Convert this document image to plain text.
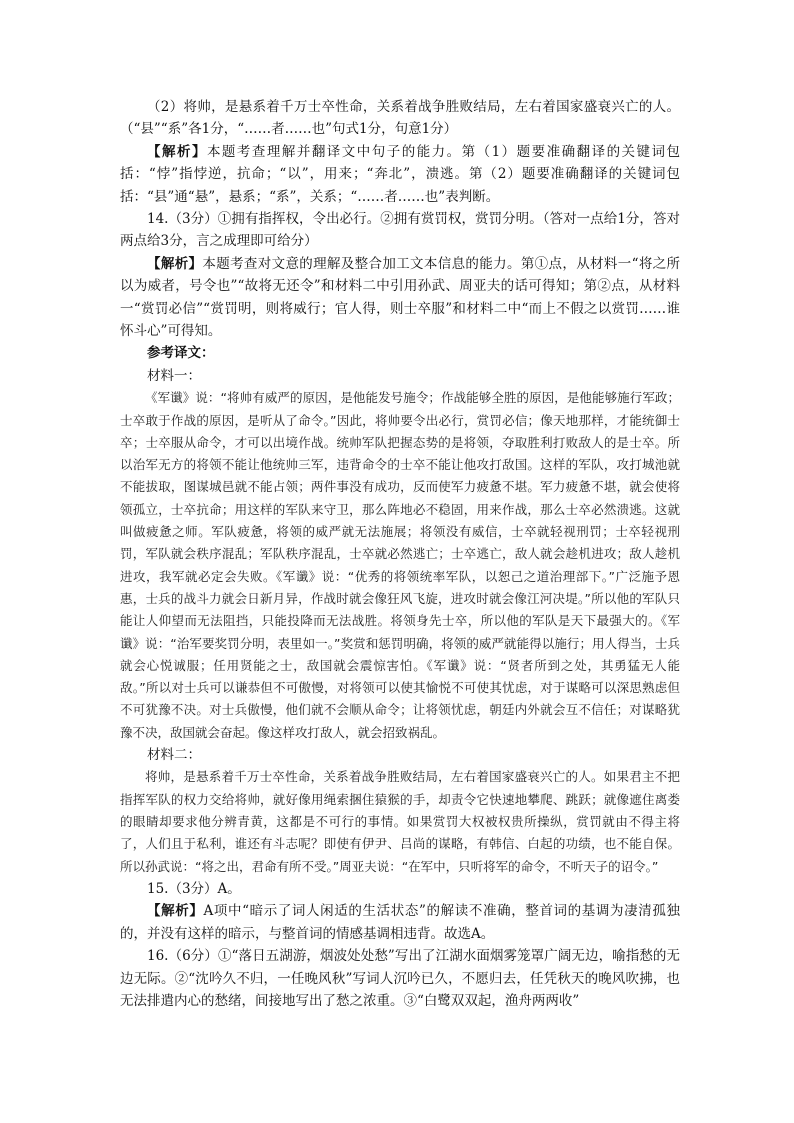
（2）将帅，是悬系着千万士卒性命，关系着战争胜败结局，左右着国家盛衰兴亡的人。（“县”“系”各1分，“……者……也”句式1分，句意1分）

【解析】本题考查理解并翻译文中句子的能力。第（1）题要准确翻译的关键词包括：“悖”指悖逆，抗命；“以”，用来；“奔北”，溃逃。第（2）题要准确翻译的关键词包括：“县”通“悬”，悬系；“系”，关系；“……者……也”表判断。

14.（3分）①拥有指挥权，令出必行。②拥有赏罚权，赏罚分明。（答对一点给1分，答对两点给3分，言之成理即可给分）

【解析】本题考查对文意的理解及整合加工文本信息的能力。第①点，从材料一“将之所以为威者，号令也”“故将无还令”和材料二中引用孙武、周亚夫的话可得知；第②点，从材料一“赏罚必信”“赏罚明，则将威行；官人得，则士卒服”和材料二中“而上不假之以赏罚……谁怀斗心”可得知。

参考译文：

材料一：

《军谶》说：“将帅有威严的原因，是他能发号施令；作战能够全胜的原因，是他能够施行军政；士卒敢于作战的原因，是听从了命令。”因此，将帅要令出必行，赏罚必信；像天地那样，才能统御士卒；士卒服从命令，才可以出境作战。统帅军队把握态势的是将领，夺取胜利打败敌人的是士卒。所以治军无方的将领不能让他统帅三军，违背命令的士卒不能让他攻打敌国。这样的军队，攻打城池就不能拔取，图谋城邑就不能占领；两件事没有成功，反而使军力疲惫不堪。军力疲惫不堪，就会使将领孤立，士卒抗命；用这样的军队来守卫，那么阵地必不稳固，用来作战，那么士卒必然溃逃。这就叫做疲惫之师。军队疲惫，将领的威严就无法施展；将领没有威信，士卒就轻视刑罚；士卒轻视刑罚，军队就会秩序混乱；军队秩序混乱，士卒就必然逃亡；士卒逃亡，敌人就会趁机进攻；敌人趁机进攻，我军就必定会失败。《军谶》说：“优秀的将领统率军队，以恕己之道治理部下。”广泛施予恩惠，士兵的战斗力就会日新月异，作战时就会像狂风飞旋，进攻时就会像江河决堤。”所以他的军队只能让人仰望而无法阻挡，只能投降而无法战胜。将领身先士卒，所以他的军队是天下最强大的。《军谶》说：“治军要奖罚分明，表里如一。”奖赏和惩罚明确，将领的威严就能得以施行；用人得当，士兵就会心悦诚服；任用贤能之士，敌国就会震惊害怕。《军谶》说：“贤者所到之处，其勇猛无人能敌。”所以对士兵可以谦恭但不可傲慢，对将领可以使其愉悦不可使其忧虑，对于谋略可以深思熟虑但不可犹豫不决。对士兵傲慢，他们就不会顺从命令；让将领忧虑，朝廷内外就会互不信任；对谋略犹豫不决，敌国就会奋起。像这样攻打敌人，就会招致祸乱。

材料二：

将帅，是悬系着千万士卒性命，关系着战争胜败结局，左右着国家盛衰兴亡的人。如果君主不把指挥军队的权力交给将帅，就好像用绳索捆住猿猴的手，却责令它快速地攀爬、跳跃；就像遮住离娄的眼睛却要求他分辨青黄，这都是不可行的事情。如果赏罚大权被权贵所操纵，赏罚就由不得主将了，人们且于私利，谁还有斗志呢？即使有伊尹、吕尚的谋略，有韩信、白起的功绩，也不能自保。所以孙武说：“将之出，君命有所不受。”周亚夫说：“在军中，只听将军的命令，不听天子的诏令。”

15.（3分）A。

【解析】A项中“暗示了词人闲适的生活状态”的解读不准确，整首词的基调为凄清孤独的，并没有这样的暗示，与整首词的情感基调相违背。故选A。

16.（6分）①“落日五湖游，烟波处处愁”写出了江湖水面烟雾笼罩广阔无边，喻指愁的无边无际。②“沈吟久不归，一任晚风秋”写词人沉吟已久，不愿归去，任凭秋天的晚风吹拂，也无法排遣内心的愁绪，间接地写出了愁之浓重。③“白鹭双双起，渔舟两两收”
